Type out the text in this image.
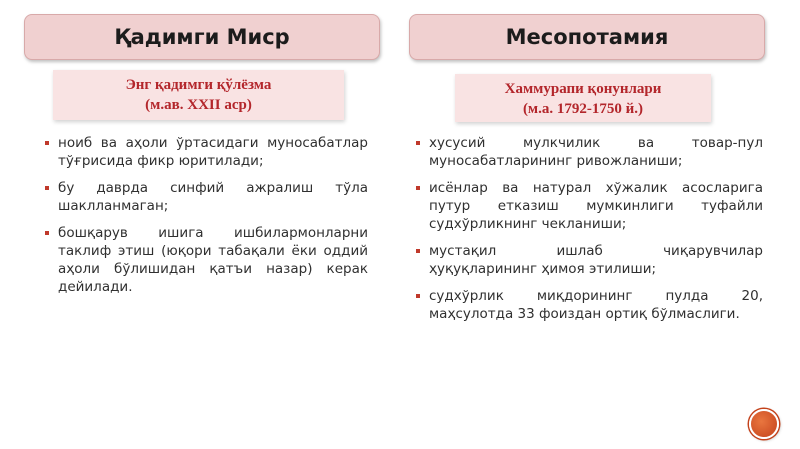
Қадимги Миср	Месопотамия
Энг қадимги қўлёзма
(м.ав. XXII аср)
Хаммурапи қонунлари
(м.а. 1792-1750 й.)
ноиб ва аҳоли ўртасидаги муносабатлар тўғрисида фикр юритилади;
бу даврда синфий ажралиш тўла шаклланмаган;
бошқарув ишига ишбилармонларни таклиф этиш (юқори табақали ёки оддий аҳоли бўлишидан қатъи назар) керак дейилади.
хусусий мулкчилик ва товар-пул муносабатларининг ривожланиши;
исёнлар ва натурал хўжалик асосларига путур етказиш мумкинлиги туфайли судхўрликнинг чекланиши;
мустақил ишлаб чиқарувчилар ҳуқуқларининг ҳимоя этилиши;
судхўрлик миқдорининг пулда 20, маҳсулотда 33 фоиздан ортиқ бўлмаслиги.
